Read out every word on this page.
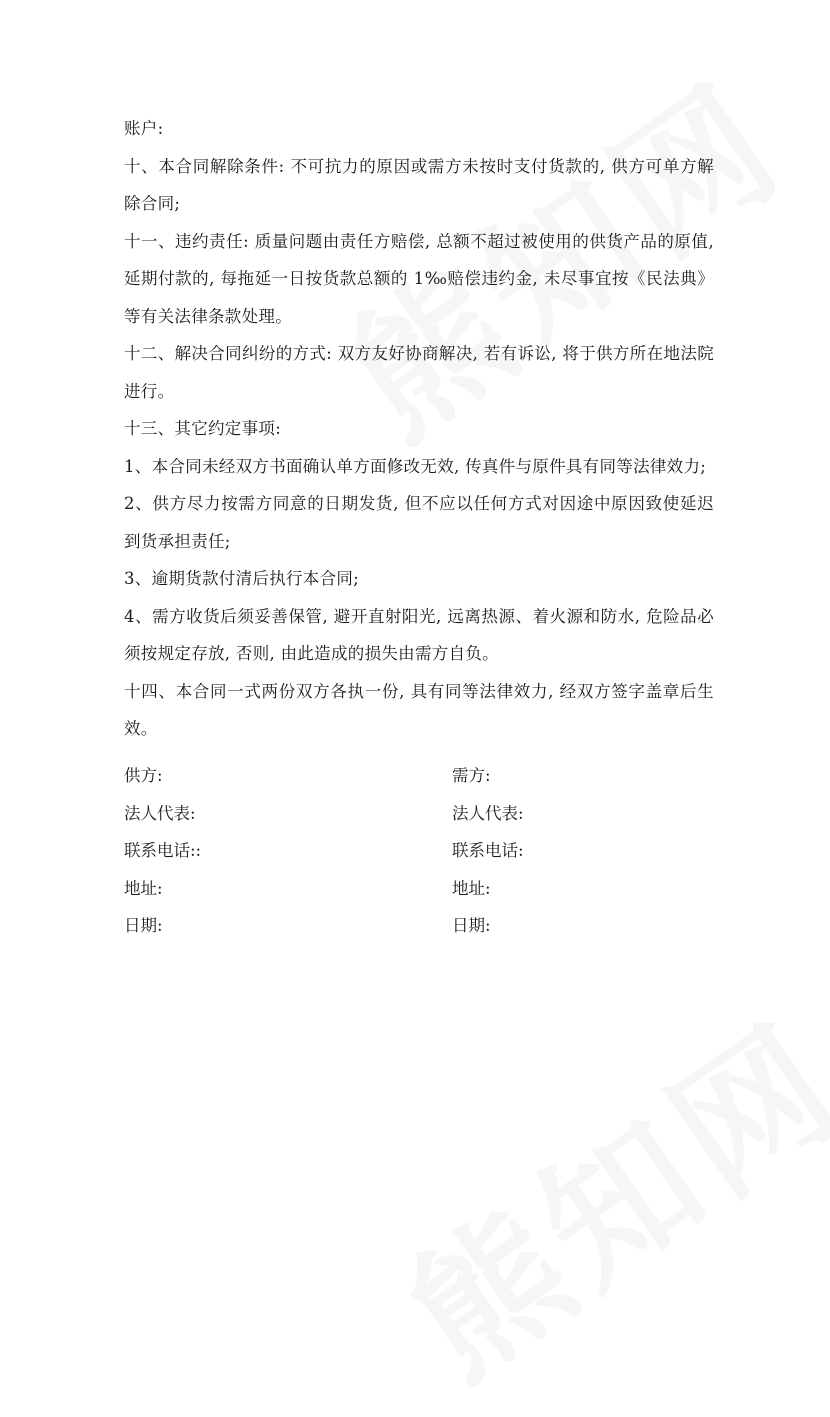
账户:

十、本合同解除条件: 不可抗力的原因或需方未按时支付货款的, 供方可单方解除合同;

十一、违约责任: 质量问题由责任方赔偿, 总额不超过被使用的供货产品的原值, 延期付款的, 每拖延一日按货款总额的 1‰赔偿违约金, 未尽事宜按《民法典》等有关法律条款处理。

十二、解决合同纠纷的方式: 双方友好协商解决, 若有诉讼, 将于供方所在地法院进行。

十三、其它约定事项:

1、本合同未经双方书面确认单方面修改无效, 传真件与原件具有同等法律效力;

2、供方尽力按需方同意的日期发货, 但不应以任何方式对因途中原因致使延迟到货承担责任;

3、逾期货款付清后执行本合同;

4、需方收货后须妥善保管, 避开直射阳光, 远离热源、着火源和防水, 危险品必须按规定存放, 否则, 由此造成的损失由需方自负。

十四、本合同一式两份双方各执一份, 具有同等法律效力, 经双方签字盖章后生效。

供方:
法人代表:
联系电话::
地址:
日期:
需方:
法人代表:
联系电话:
地址:
日期:
